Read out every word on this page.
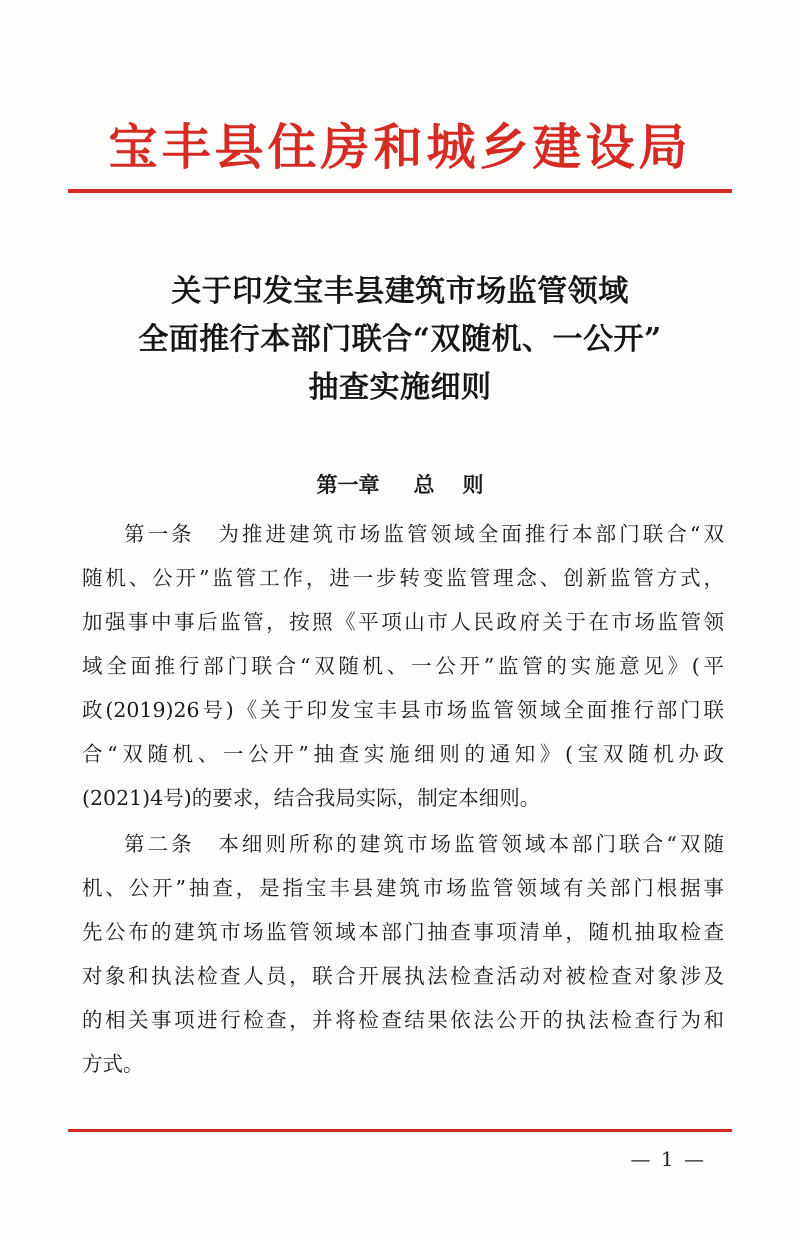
宝丰县住房和城乡建设局
关于印发宝丰县建筑市场监管领域
全面推行本部门联合“双随机、一公开”
抽查实施细则
第一章 总 则
第一条　为推进建筑市场监管领域全面推行本部门联合“双
随机、公开”监管工作，进一步转变监管理念、创新监管方式，
加强事中事后监管，按照《平项山市人民政府关于在市场监管领
域全面推行部门联合“双随机、一公开”监管的实施意见》(平
政(2019)26号)《关于印发宝丰县市场监管领域全面推行部门联
合“双随机、一公开”抽查实施细则的通知》(宝双随机办政
(2021)4号)的要求，结合我局实际，制定本细则。
第二条　本细则所称的建筑市场监管领域本部门联合“双随
机、公开”抽查，是指宝丰县建筑市场监管领域有关部门根据事
先公布的建筑市场监管领域本部门抽查事项清单，随机抽取检查
对象和执法检查人员，联合开展执法检查活动对被检查对象涉及
的相关事项进行检查，并将检查结果依法公开的执法检查行为和
方式。
— 1 —
